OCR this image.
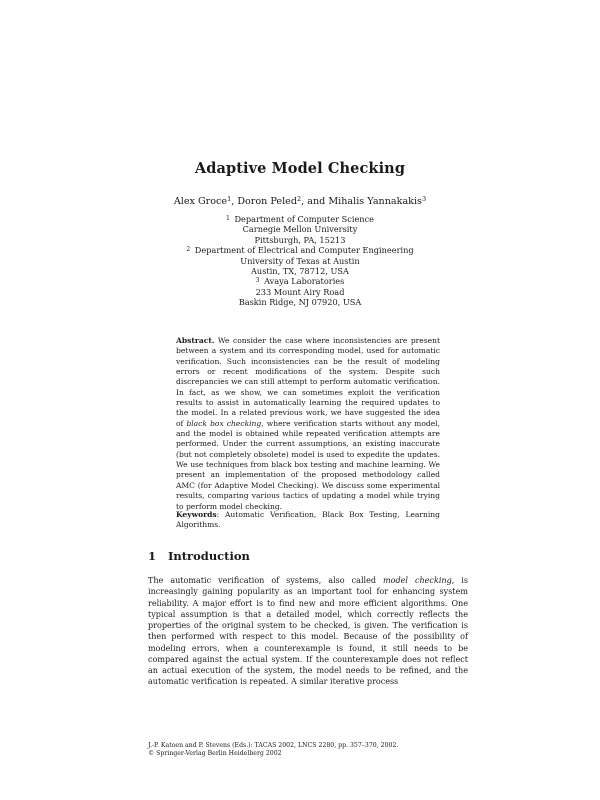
Adaptive Model Checking
Alex Groce$^1$, Doron Peled$^2$, and Mihalis Yannakakis$^3$
$^1$ Department of Computer Science
Carnegie Mellon University
Pittsburgh, PA, 15213
$^2$ Department of Electrical and Computer Engineering
University of Texas at Austin
Austin, TX, 78712, USA
$^3$ Avaya Laboratories
233 Mount Airy Road
Baskin Ridge, NJ 07920, USA
Abstract. We consider the case where inconsistencies are present between a system and its corresponding model, used for automatic verification. Such inconsistencies can be the result of modeling errors or recent modifications of the system. Despite such discrepancies we can still attempt to perform automatic verification. In fact, as we show, we can sometimes exploit the verification results to assist in automatically learning the required updates to the model. In a related previous work, we have suggested the idea of black box checking, where verification starts without any model, and the model is obtained while repeated verification attempts are performed. Under the current assumptions, an existing inaccurate (but not completely obsolete) model is used to expedite the updates. We use techniques from black box testing and machine learning. We present an implementation of the proposed methodology called AMC (for Adaptive Model Checking). We discuss some experimental results, comparing various tactics of updating a model while trying to perform model checking.
Keywords: Automatic Verification, Black Box Testing, Learning Algorithms.
1 Introduction
The automatic verification of systems, also called model checking, is increasingly gaining popularity as an important tool for enhancing system reliability. A major effort is to find new and more efficient algorithms. One typical assumption is that a detailed model, which correctly reflects the properties of the original system to be checked, is given. The verification is then performed with respect to this model. Because of the possibility of modeling errors, when a counterexample is found, it still needs to be compared against the actual system. If the counterexample does not reflect an actual execution of the system, the model needs to be refined, and the automatic verification is repeated. A similar iterative process
J.-P. Katoen and P. Stevens (Eds.): TACAS 2002, LNCS 2280, pp. 357–370, 2002.
© Springer-Verlag Berlin Heidelberg 2002
